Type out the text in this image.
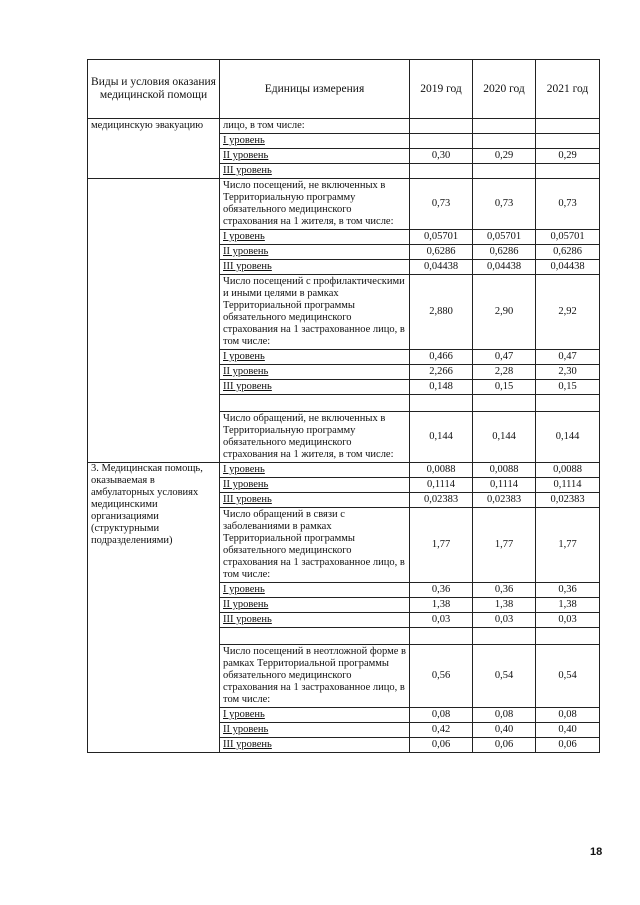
Виды и условия оказания медицинской помощи	Единицы измерения	2019 год	2020 год	2021 год
медицинскую эвакуацию	лицо, в том числе:			
	I уровень			
	II уровень	0,30	0,29	0,29
	III уровень			
	Число посещений, не включенных в Территориальную программу обязательного медицинского страхования на 1 жителя, в том числе:	0,73	0,73	0,73
	I уровень	0,05701	0,05701	0,05701
	II уровень	0,6286	0,6286	0,6286
	III уровень	0,04438	0,04438	0,04438
	Число посещений с профилактическими и иными целями в рамках Территориальной программы обязательного медицинского страхования на 1 застрахованное лицо, в том числе:	2,880	2,90	2,92
	I уровень	0,466	0,47	0,47
	II уровень	2,266	2,28	2,30
	III уровень	0,148	0,15	0,15

	Число обращений, не включенных в Территориальную программу обязательного медицинского страхования на 1 жителя, в том числе:	0,144	0,144	0,144
3. Медицинская помощь, оказываемая в амбулаторных условиях медицинскими организациями (структурными подразделениями)	I уровень	0,0088	0,0088	0,0088
	II уровень	0,1114	0,1114	0,1114
	III уровень	0,02383	0,02383	0,02383
	Число обращений в связи с заболеваниями в рамках Территориальной программы обязательного медицинского страхования на 1 застрахованное лицо, в том числе:	1,77	1,77	1,77
	I уровень	0,36	0,36	0,36
	II уровень	1,38	1,38	1,38
	III уровень	0,03	0,03	0,03

	Число посещений в неотложной форме в рамках Территориальной программы обязательного медицинского страхования на 1 застрахованное лицо, в том числе:	0,56	0,54	0,54
	I уровень	0,08	0,08	0,08
	II уровень	0,42	0,40	0,40
	III уровень	0,06	0,06	0,06
18
